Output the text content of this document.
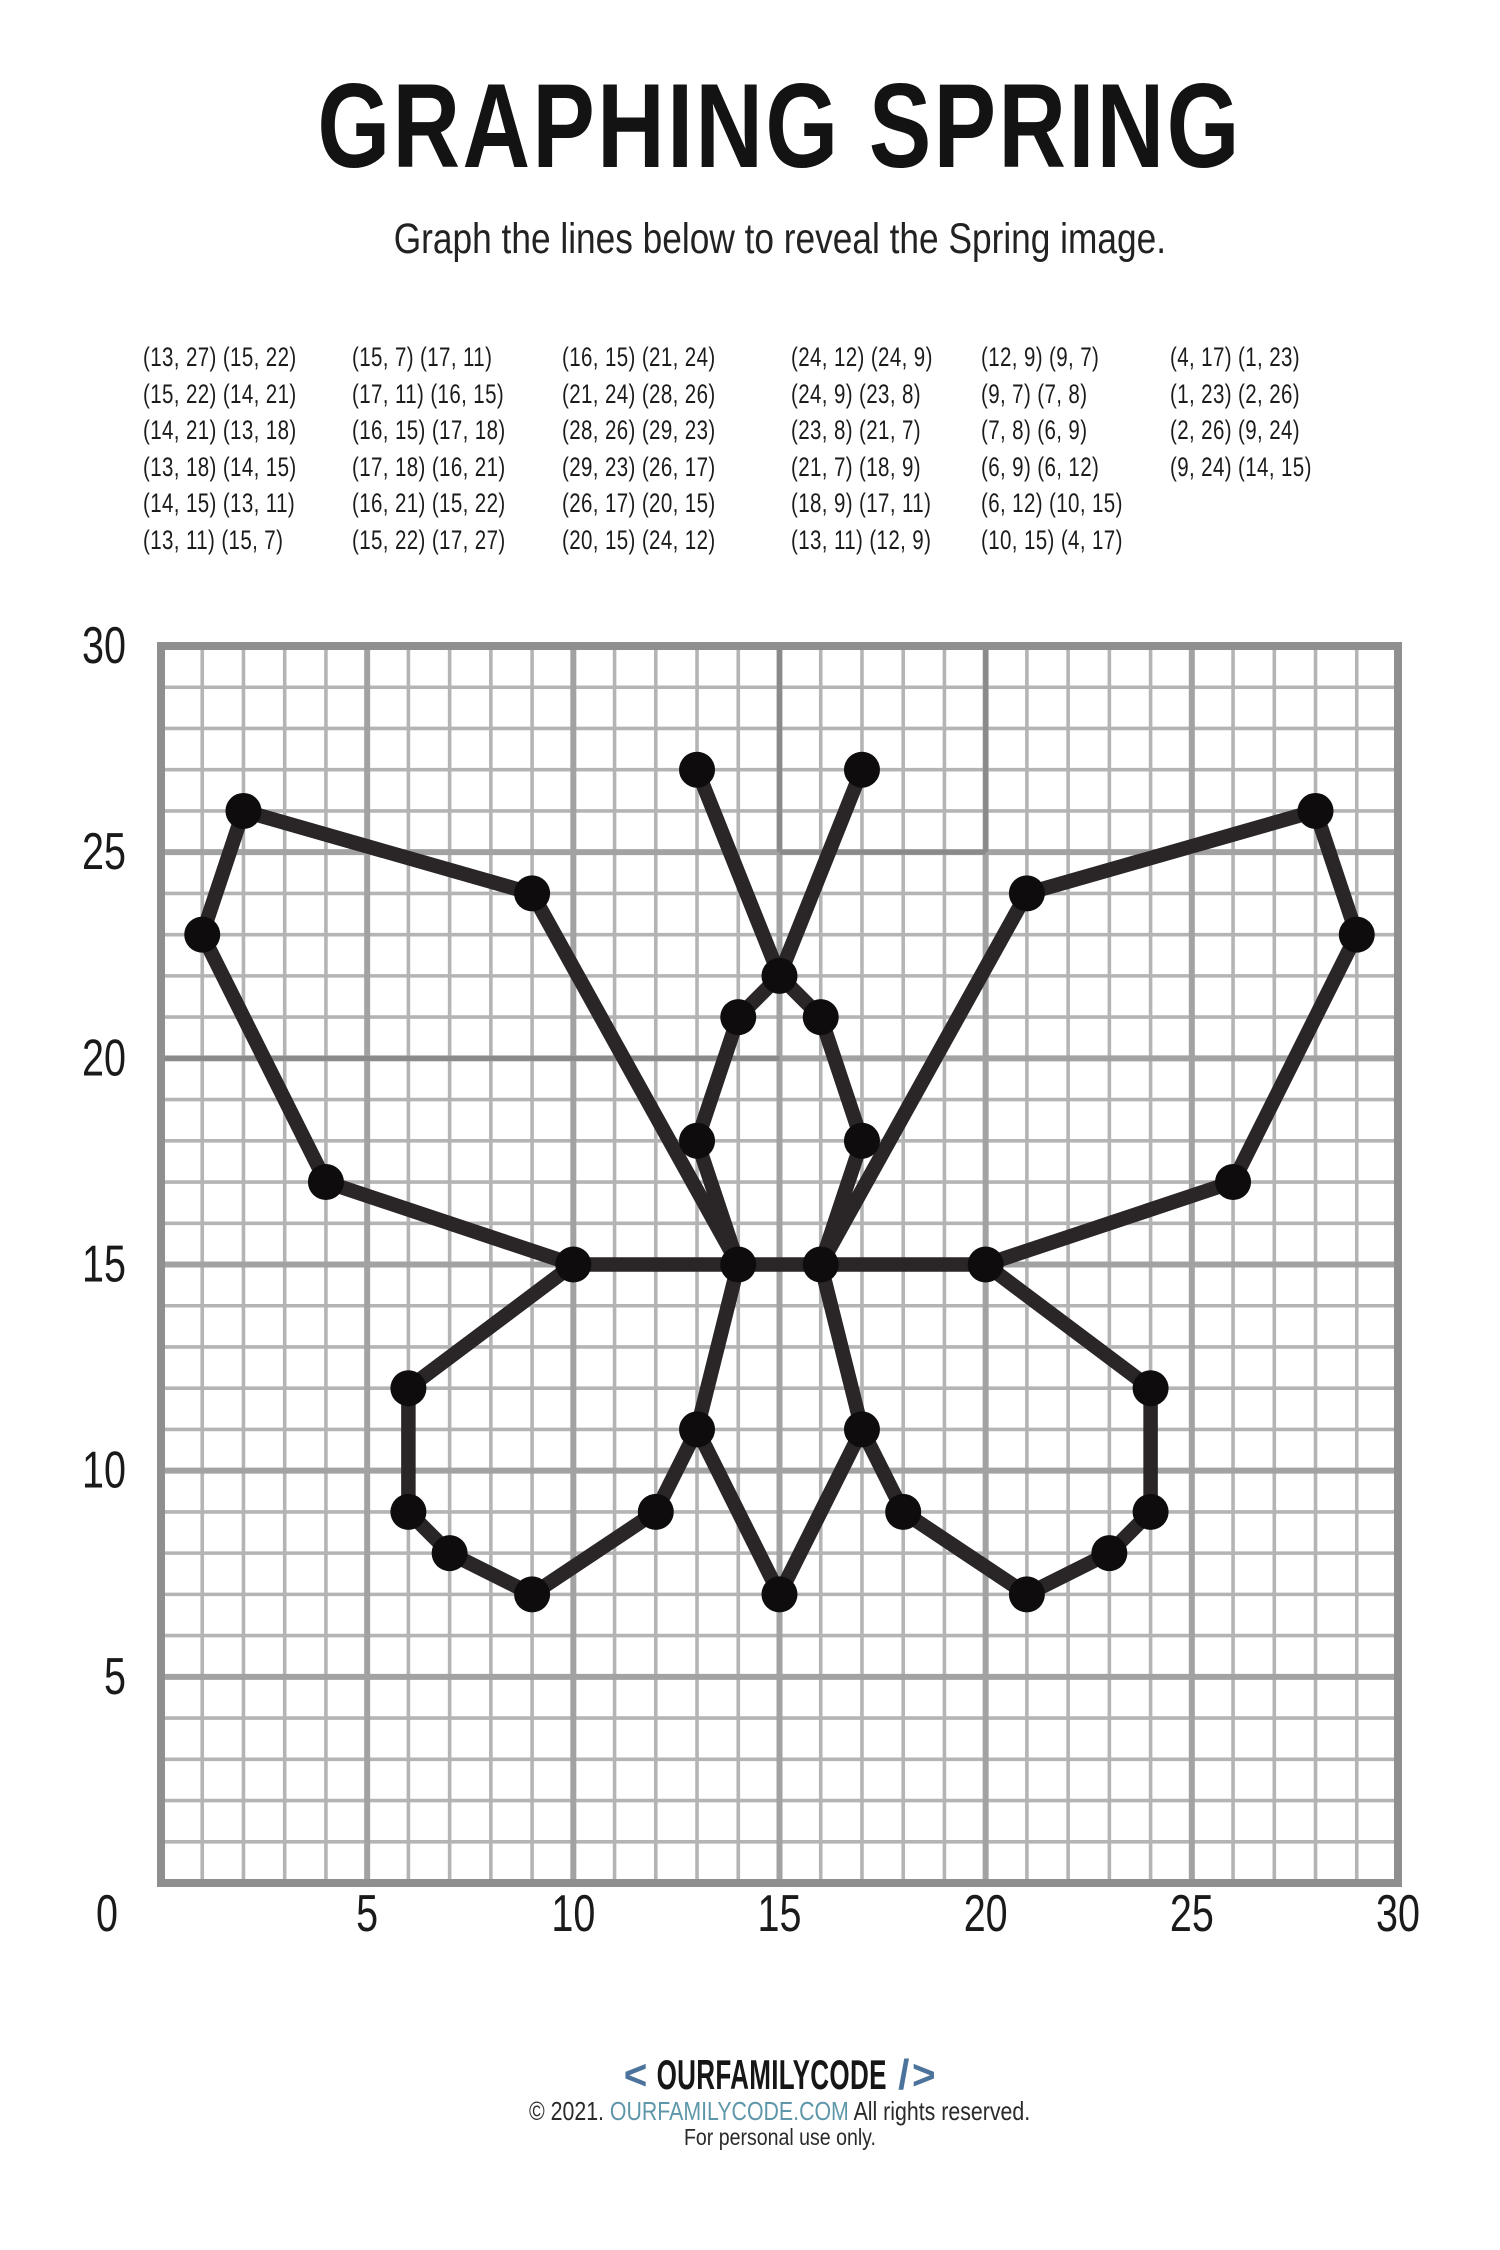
GRAPHING SPRING
Graph the lines below to reveal the Spring image.
(13, 27) (15, 22)
(15, 22) (14, 21)
(14, 21) (13, 18)
(13, 18) (14, 15)
(14, 15) (13, 11)
(13, 11) (15, 7)
(15, 7) (17, 11)
(17, 11) (16, 15)
(16, 15) (17, 18)
(17, 18) (16, 21)
(16, 21) (15, 22)
(15, 22) (17, 27)
(16, 15) (21, 24)
(21, 24) (28, 26)
(28, 26) (29, 23)
(29, 23) (26, 17)
(26, 17) (20, 15)
(20, 15) (24, 12)
(24, 12) (24, 9)
(24, 9) (23, 8)
(23, 8) (21, 7)
(21, 7) (18, 9)
(18, 9) (17, 11)
(13, 11) (12, 9)
(12, 9) (9, 7)
(9, 7) (7, 8)
(7, 8) (6, 9)
(6, 9) (6, 12)
(6, 12) (10, 15)
(10, 15) (4, 17)
(4, 17) (1, 23)
(1, 23) (2, 26)
(2, 26) (9, 24)
(9, 24) (14, 15)
0	5
5
10
10
15
15
20
20
25
25
30
30
< OURFAMILYCODE / >
© 2021. OURFAMILYCODE.COM All rights reserved.
For personal use only.
